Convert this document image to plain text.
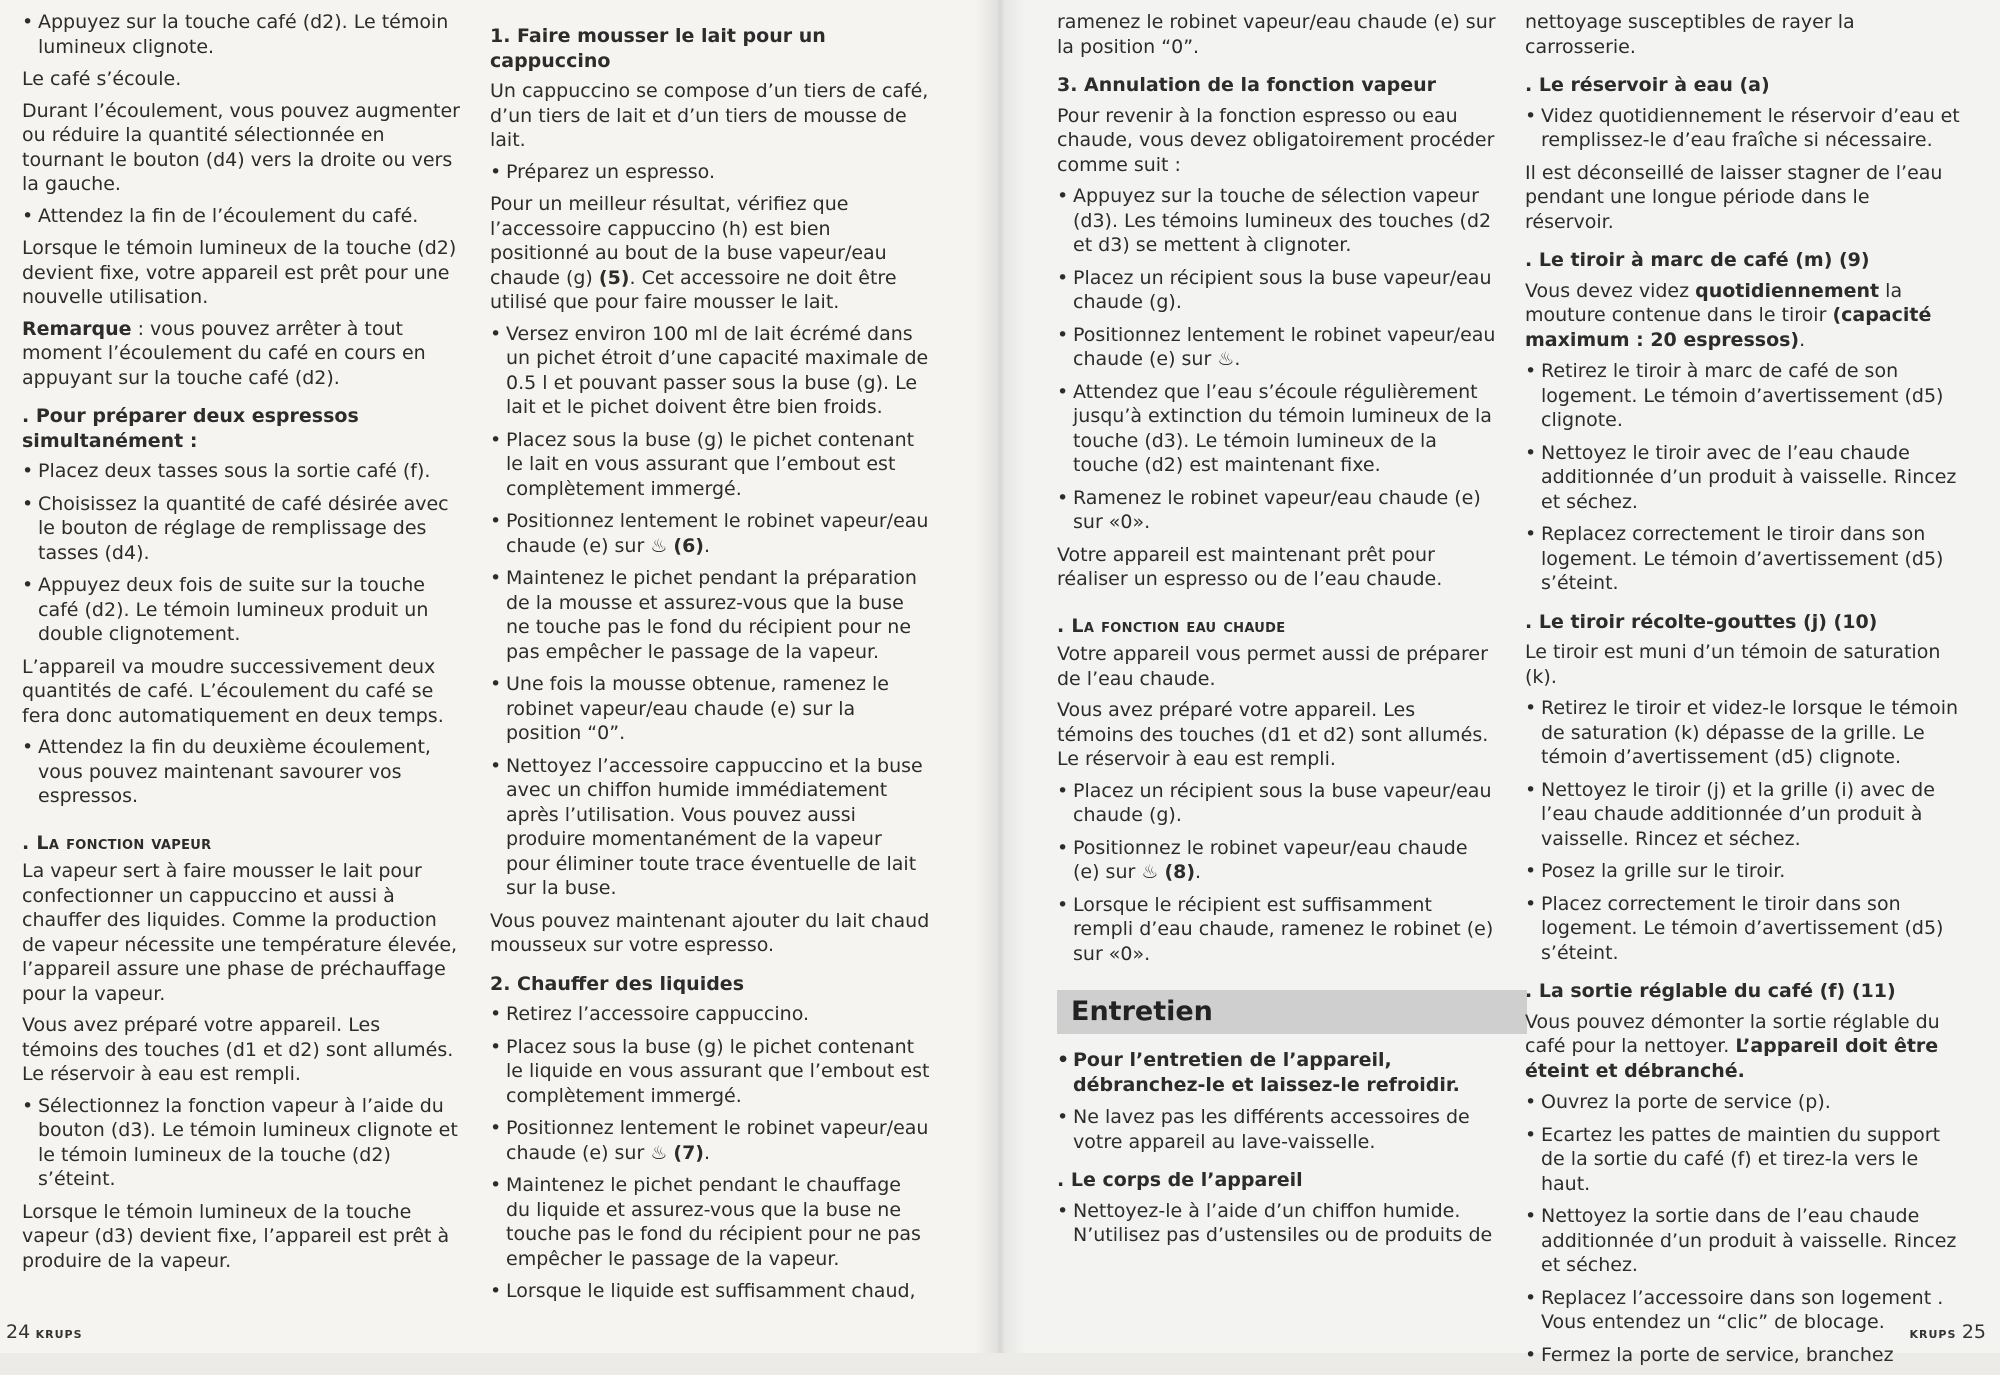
• Appuyez sur la touche café (d2). Le témoin lumineux clignote.

Le café s’écoule.

Durant l’écoulement, vous pouvez augmenter ou réduire la quantité sélectionnée en tournant le bouton (d4) vers la droite ou vers la gauche.

• Attendez la fin de l’écoulement du café.

Lorsque le témoin lumineux de la touche (d2) devient fixe, votre appareil est prêt pour une nouvelle utilisation.

Remarque : vous pouvez arrêter à tout moment l’écoulement du café en cours en appuyant sur la touche café (d2).

. Pour préparer deux espressos simultanément :

• Placez deux tasses sous la sortie café (f).

• Choisissez la quantité de café désirée avec le bouton de réglage de remplissage des tasses (d4).

• Appuyez deux fois de suite sur la touche café (d2). Le témoin lumineux produit un double clignotement.

L’appareil va moudre successivement deux quantités de café. L’écoulement du café se fera donc automatiquement en deux temps.

• Attendez la fin du deuxième écoulement, vous pouvez maintenant savourer vos espressos.

. La fonction vapeur

La vapeur sert à faire mousser le lait pour confectionner un cappuccino et aussi à chauffer des liquides. Comme la production de vapeur nécessite une température élevée, l’appareil assure une phase de préchauffage pour la vapeur.

Vous avez préparé votre appareil. Les témoins des touches (d1 et d2) sont allumés. Le réservoir à eau est rempli.

• Sélectionnez la fonction vapeur à l’aide du bouton (d3). Le témoin lumineux clignote et le témoin lumineux de la touche (d2) s’éteint.

Lorsque le témoin lumineux de la touche vapeur (d3) devient fixe, l’appareil est prêt à produire de la vapeur.

1. Faire mousser le lait pour un cappuccino

Un cappuccino se compose d’un tiers de café, d’un tiers de lait et d’un tiers de mousse de lait.

• Préparez un espresso.

Pour un meilleur résultat, vérifiez que l’accessoire cappuccino (h) est bien positionné au bout de la buse vapeur/eau chaude (g) (5). Cet accessoire ne doit être utilisé que pour faire mousser le lait.

• Versez environ 100 ml de lait écrémé dans un pichet étroit d’une capacité maximale de 0.5 l et pouvant passer sous la buse (g). Le lait et le pichet doivent être bien froids.

• Placez sous la buse (g) le pichet contenant le lait en vous assurant que l’embout est complètement immergé.

• Positionnez lentement le robinet vapeur/eau chaude (e) sur ♨ (6).

• Maintenez le pichet pendant la préparation de la mousse et assurez-vous que la buse ne touche pas le fond du récipient pour ne pas empêcher le passage de la vapeur.

• Une fois la mousse obtenue, ramenez le robinet vapeur/eau chaude (e) sur la position “0”.

• Nettoyez l’accessoire cappuccino et la buse avec un chiffon humide immédiatement après l’utilisation. Vous pouvez aussi produire momentanément de la vapeur pour éliminer toute trace éventuelle de lait sur la buse.

Vous pouvez maintenant ajouter du lait chaud mousseux sur votre espresso.

2. Chauffer des liquides

• Retirez l’accessoire cappuccino.

• Placez sous la buse (g) le pichet contenant le liquide en vous assurant que l’embout est complètement immergé.

• Positionnez lentement le robinet vapeur/eau chaude (e) sur ♨ (7).

• Maintenez le pichet pendant le chauffage du liquide et assurez-vous que la buse ne touche pas le fond du récipient pour ne pas empêcher le passage de la vapeur.

• Lorsque le liquide est suffisamment chaud,

24 KRUPS

ramenez le robinet vapeur/eau chaude (e) sur la position “0”.

3. Annulation de la fonction vapeur

Pour revenir à la fonction espresso ou eau chaude, vous devez obligatoirement procéder comme suit :

• Appuyez sur la touche de sélection vapeur (d3). Les témoins lumineux des touches (d2 et d3) se mettent à clignoter.

• Placez un récipient sous la buse vapeur/eau chaude (g).

• Positionnez lentement le robinet vapeur/eau chaude (e) sur ♨.

• Attendez que l’eau s’écoule régulièrement jusqu’à extinction du témoin lumineux de la touche (d3). Le témoin lumineux de la touche (d2) est maintenant fixe.

• Ramenez le robinet vapeur/eau chaude (e) sur «0».

Votre appareil est maintenant prêt pour réaliser un espresso ou de l’eau chaude.

. La fonction eau chaude

Votre appareil vous permet aussi de préparer de l’eau chaude.

Vous avez préparé votre appareil. Les témoins des touches (d1 et d2) sont allumés. Le réservoir à eau est rempli.

• Placez un récipient sous la buse vapeur/eau chaude (g).

• Positionnez le robinet vapeur/eau chaude (e) sur ♨ (8).

• Lorsque le récipient est suffisamment rempli d’eau chaude, ramenez le robinet (e) sur «0».

Entretien

• Pour l’entretien de l’appareil, débranchez-le et laissez-le refroidir.

• Ne lavez pas les différents accessoires de votre appareil au lave-vaisselle.

. Le corps de l’appareil

• Nettoyez-le à l’aide d’un chiffon humide. N’utilisez pas d’ustensiles ou de produits de

nettoyage susceptibles de rayer la carrosserie.

. Le réservoir à eau (a)

• Videz quotidiennement le réservoir d’eau et remplissez-le d’eau fraîche si nécessaire.

Il est déconseillé de laisser stagner de l’eau pendant une longue période dans le réservoir.

. Le tiroir à marc de café (m) (9)

Vous devez videz quotidiennement la mouture contenue dans le tiroir (capacité maximum : 20 espressos).

• Retirez le tiroir à marc de café de son logement. Le témoin d’avertissement (d5) clignote.

• Nettoyez le tiroir avec de l’eau chaude additionnée d’un produit à vaisselle. Rincez et séchez.

• Replacez correctement le tiroir dans son logement. Le témoin d’avertissement (d5) s’éteint.

. Le tiroir récolte-gouttes (j) (10)

Le tiroir est muni d’un témoin de saturation (k).

• Retirez le tiroir et videz-le lorsque le témoin de saturation (k) dépasse de la grille. Le témoin d’avertissement (d5) clignote.

• Nettoyez le tiroir (j) et la grille (i) avec de l’eau chaude additionnée d’un produit à vaisselle. Rincez et séchez.

• Posez la grille sur le tiroir.

• Placez correctement le tiroir dans son logement. Le témoin d’avertissement (d5) s’éteint.

. La sortie réglable du café (f) (11)

Vous pouvez démonter la sortie réglable du café pour la nettoyer. L’appareil doit être éteint et débranché.

• Ouvrez la porte de service (p).

• Ecartez les pattes de maintien du support de la sortie du café (f) et tirez-la vers le haut.

• Nettoyez la sortie dans de l’eau chaude additionnée d’un produit à vaisselle. Rincez et séchez.

• Replacez l’accessoire dans son logement . Vous entendez un “clic” de blocage.

• Fermez la porte de service, branchez

KRUPS 25
